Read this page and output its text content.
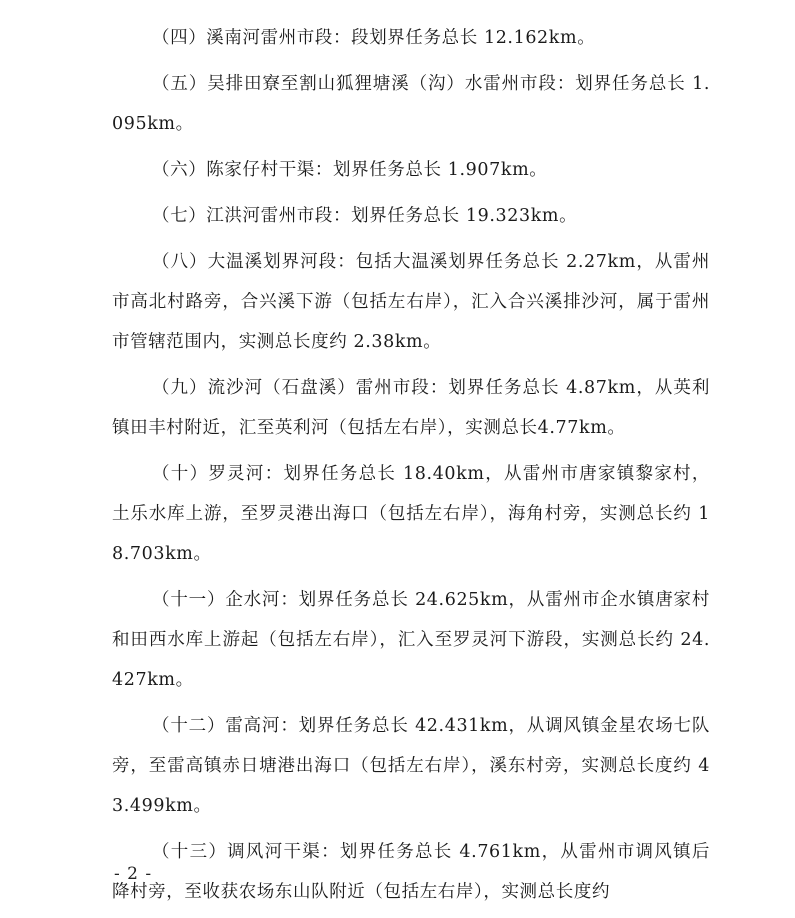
（四）溪南河雷州市段：段划界任务总长 12.162km。

（五）吴排田寮至割山狐狸塘溪（沟）水雷州市段：划界任务总长 1.095km。

（六）陈家仔村干渠：划界任务总长 1.907km。

（七）江洪河雷州市段：划界任务总长 19.323km。

（八）大温溪划界河段：包括大温溪划界任务总长 2.27km，从雷州市高北村路旁，合兴溪下游（包括左右岸），汇入合兴溪排沙河，属于雷州市管辖范围内，实测总长度约 2.38km。

（九）流沙河（石盘溪）雷州市段：划界任务总长 4.87km，从英利镇田丰村附近，汇至英利河（包括左右岸），实测总长4.77km。

（十）罗灵河：划界任务总长 18.40km，从雷州市唐家镇黎家村，土乐水库上游，至罗灵港出海口（包括左右岸），海角村旁，实测总长约 18.703km。

（十一）企水河：划界任务总长 24.625km，从雷州市企水镇唐家村和田西水库上游起（包括左右岸），汇入至罗灵河下游段，实测总长约 24.427km。

（十二）雷高河：划界任务总长 42.431km，从调风镇金星农场七队旁，至雷高镇赤日塘港出海口（包括左右岸），溪东村旁，实测总长度约 43.499km。

（十三）调风河干渠：划界任务总长 4.761km，从雷州市调风镇后降村旁，至收获农场东山队附近（包括左右岸），实测总长度约

- 2 -
